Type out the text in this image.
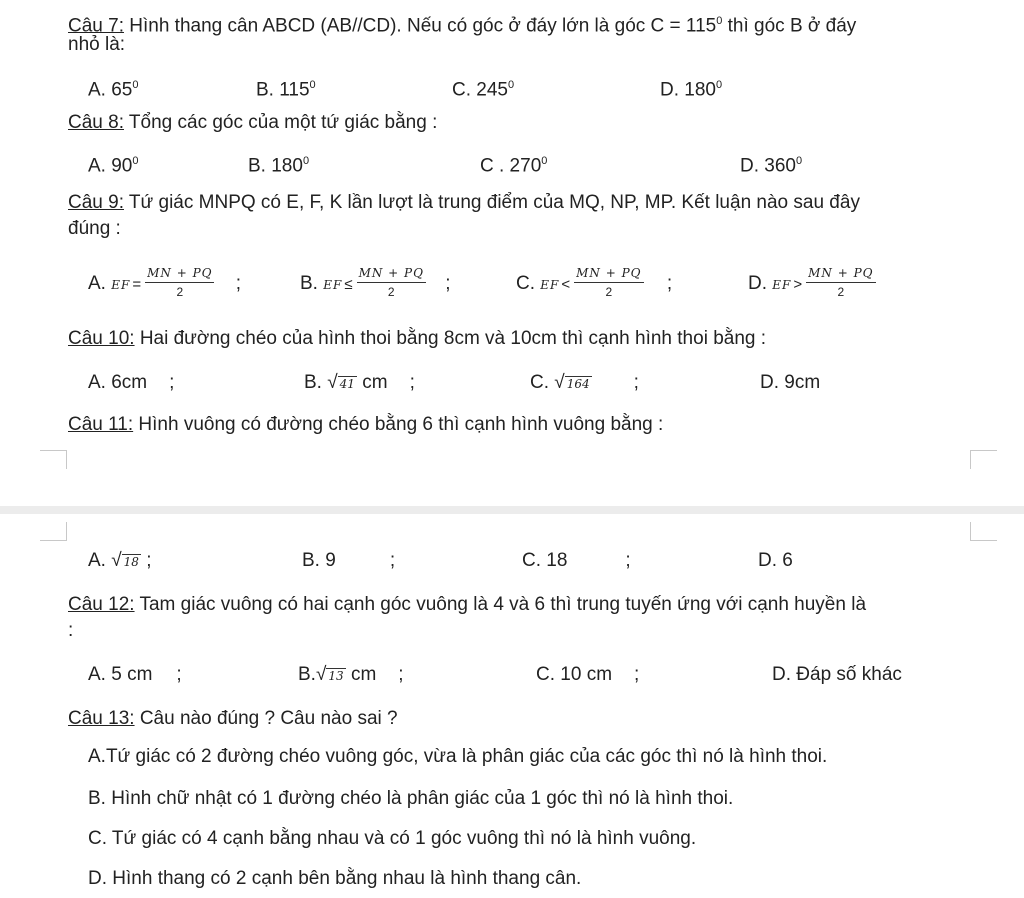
Câu 7: Hình thang cân ABCD (AB//CD). Nếu có góc ở đáy lớn là góc $C = 115^0$ thì góc B ở đáy
nhỏ là:
A. $65^0$	B. $115^0$	C. $245^0$	D. $180^0$
Câu 8: Tổng các góc của một tứ giác bằng :
A. $90^0$	B. $180^0$	C . $270^0$	D. $360^0$
Câu 9: Tứ giác MNPQ có E, F, K lần lượt là trung điểm của MQ, NP, MP. Kết luận nào sau đây
đúng :
A. EF = $\frac{MN + PQ}{2}$ ;	B. EF ≤ $\frac{MN + PQ}{2}$ ;	C. EF < $\frac{MN + PQ}{2}$ ;	D. EF > $\frac{MN + PQ}{2}$
Câu 10: Hai đường chéo của hình thoi bằng 8cm và 10cm thì cạnh hình thoi bằng :
A. 6cm ;	B. √ 41 cm ;	C. √ 164 ;	D. 9cm
Câu 11: Hình vuông có đường chéo bằng 6 thì cạnh hình vuông bằng :
A. √ 18 ;	B. 9	;	C. 18	;	D. 6
Câu 12: Tam giác vuông có hai cạnh góc vuông là 4 và 6 thì trung tuyến ứng với cạnh huyền là
:
A. 5 cm ;	B.√ 13 cm ;	C. 10 cm ;	D. Đáp số khác
Câu 13: Câu nào đúng ? Câu nào sai ?
A.Tứ giác có 2 đường chéo vuông góc, vừa là phân giác của các góc thì nó là hình thoi.
B. Hình chữ nhật có 1 đường chéo là phân giác của 1 góc thì nó là hình thoi.
C. Tứ giác có 4 cạnh bằng nhau và có 1 góc vuông thì nó là hình vuông.
D. Hình thang có 2 cạnh bên bằng nhau là hình thang cân.
